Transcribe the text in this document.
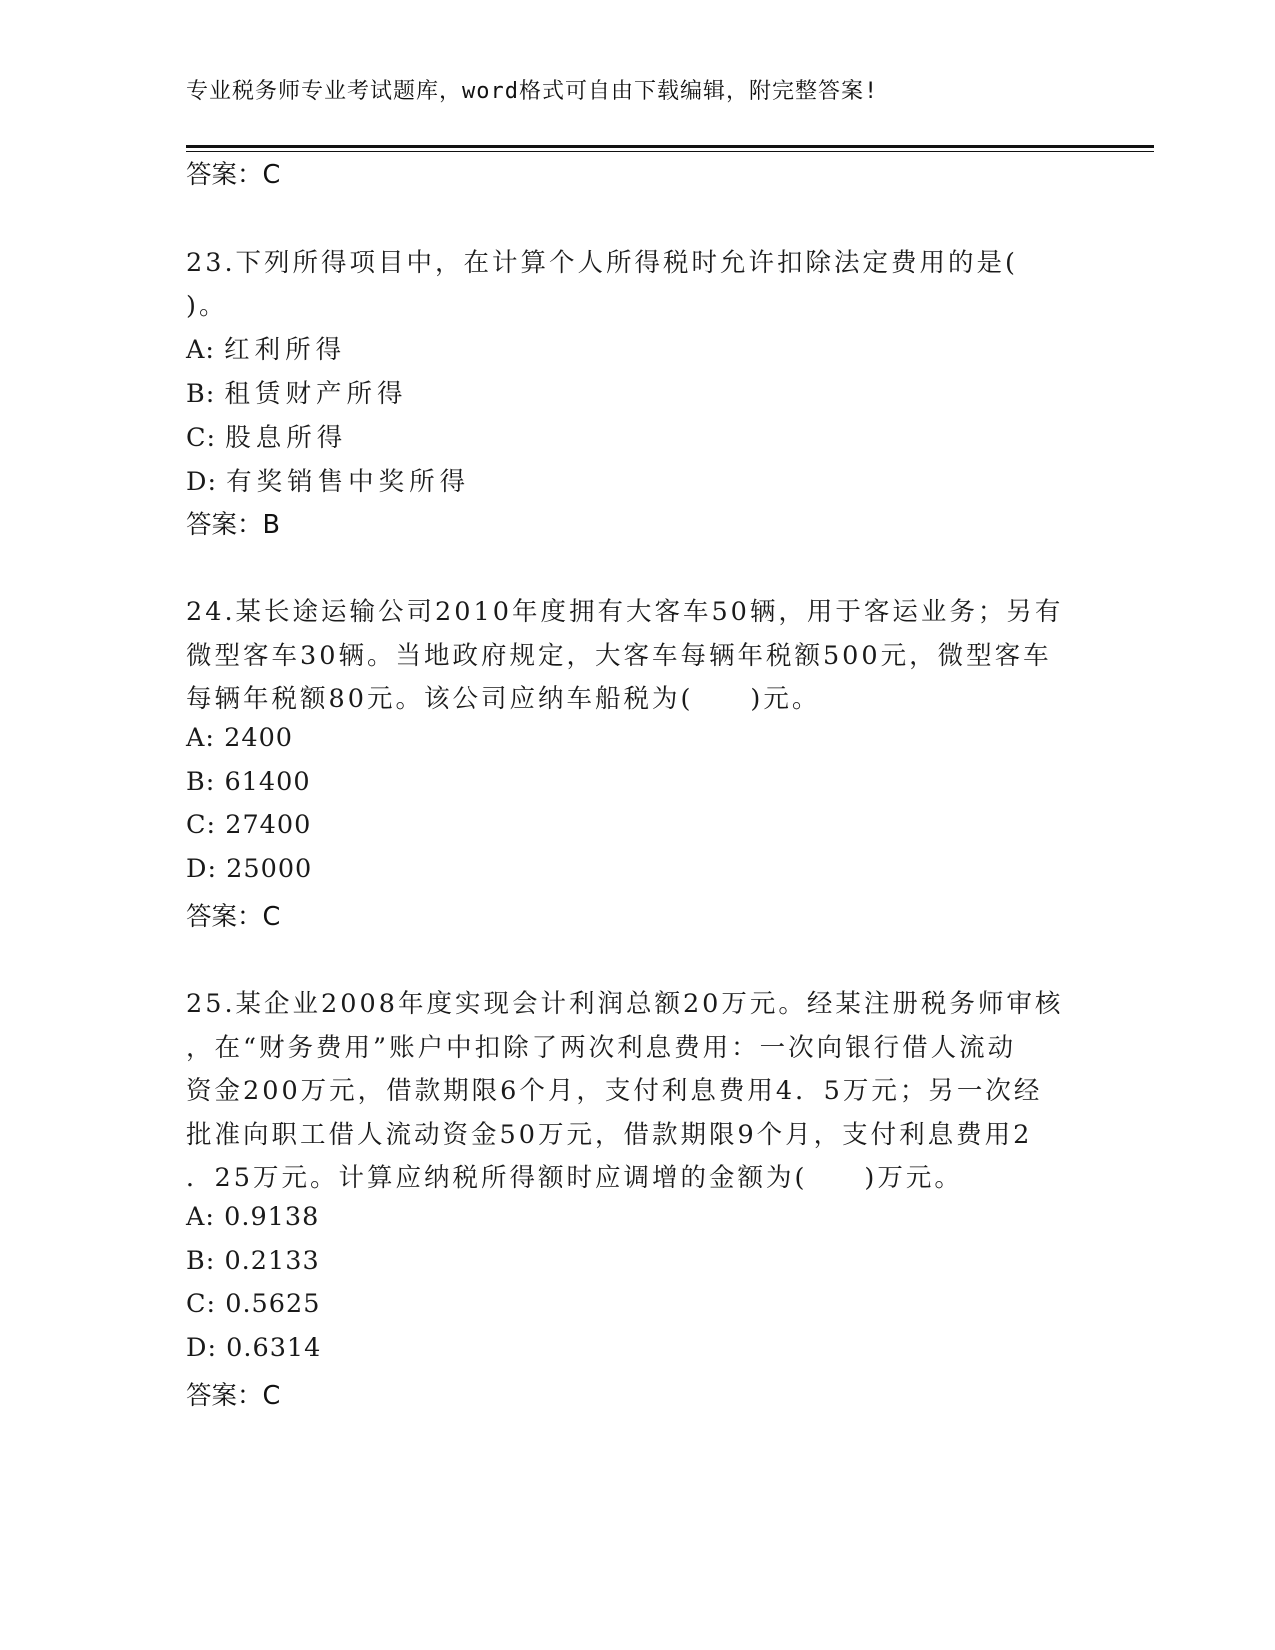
专业税务师专业考试题库，word格式可自由下载编辑，附完整答案!
答案：C
23.下列所得项目中，在计算个人所得税时允许扣除法定费用的是(
)。
A: 红利所得
B: 租赁财产所得
C: 股息所得
D: 有奖销售中奖所得
答案：B
24.某长途运输公司2010年度拥有大客车50辆，用于客运业务；另有
微型客车30辆。当地政府规定，大客车每辆年税额500元，微型客车
每辆年税额80元。该公司应纳车船税为(　　)元。
A: 2400
B: 61400
C: 27400
D: 25000
答案：C
25.某企业2008年度实现会计利润总额20万元。经某注册税务师审核
，在“财务费用”账户中扣除了两次利息费用：一次向银行借人流动
资金200万元，借款期限6个月，支付利息费用4．5万元；另一次经
批准向职工借人流动资金50万元，借款期限9个月，支付利息费用2
．25万元。计算应纳税所得额时应调增的金额为(　　)万元。
A: 0.9138
B: 0.2133
C: 0.5625
D: 0.6314
答案：C
